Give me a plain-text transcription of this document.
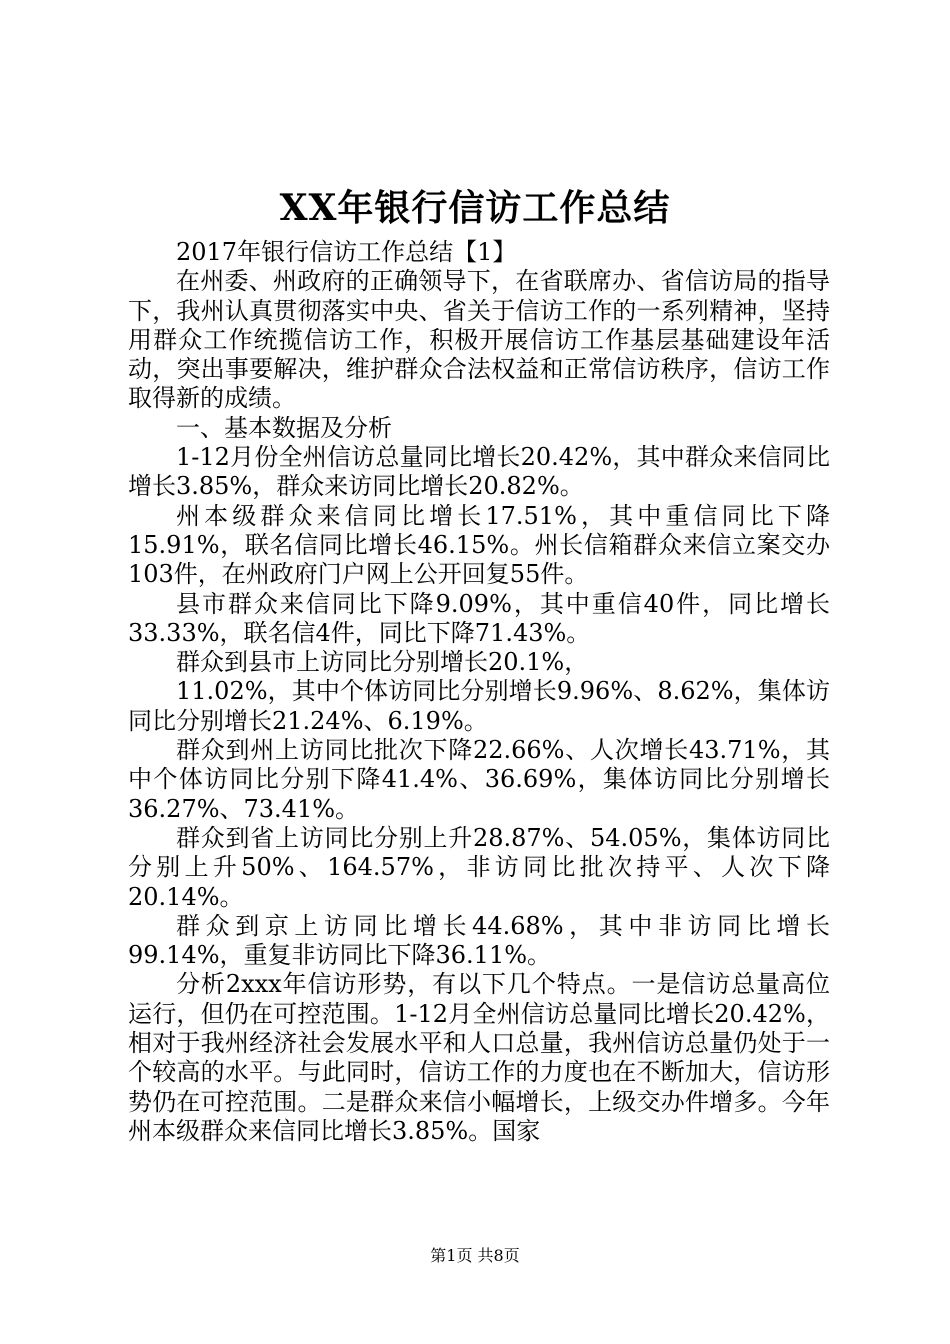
XX年银行信访工作总结

2017年银行信访工作总结【1】

在州委、州政府的正确领导下，在省联席办、省信访局的指导下，我州认真贯彻落实中央、省关于信访工作的一系列精神，坚持用群众工作统揽信访工作，积极开展信访工作基层基础建设年活动，突出事要解决，维护群众合法权益和正常信访秩序，信访工作取得新的成绩。

一、基本数据及分析

1-12月份全州信访总量同比增长20.42%，其中群众来信同比增长3.85%，群众来访同比增长20.82%。

州本级群众来信同比增长17.51%，其中重信同比下降15.91%，联名信同比增长46.15%。州长信箱群众来信立案交办103件，在州政府门户网上公开回复55件。

县市群众来信同比下降9.09%，其中重信40件，同比增长33.33%，联名信4件，同比下降71.43%。

群众到县市上访同比分别增长20.1%，

11.02%，其中个体访同比分别增长9.96%、8.62%，集体访同比分别增长21.24%、6.19%。

群众到州上访同比批次下降22.66%、人次增长43.71%，其中个体访同比分别下降41.4%、36.69%，集体访同比分别增长36.27%、73.41%。

群众到省上访同比分别上升28.87%、54.05%，集体访同比分别上升50%、164.57%，非访同比批次持平、人次下降20.14%。

群众到京上访同比增长44.68%，其中非访同比增长99.14%，重复非访同比下降36.11%。

分析2xxx年信访形势，有以下几个特点。一是信访总量高位运行，但仍在可控范围。1-12月全州信访总量同比增长20.42%，相对于我州经济社会发展水平和人口总量，我州信访总量仍处于一个较高的水平。与此同时，信访工作的力度也在不断加大，信访形势仍在可控范围。二是群众来信小幅增长，上级交办件增多。今年州本级群众来信同比增长3.85%。国家

第1页 共8页
